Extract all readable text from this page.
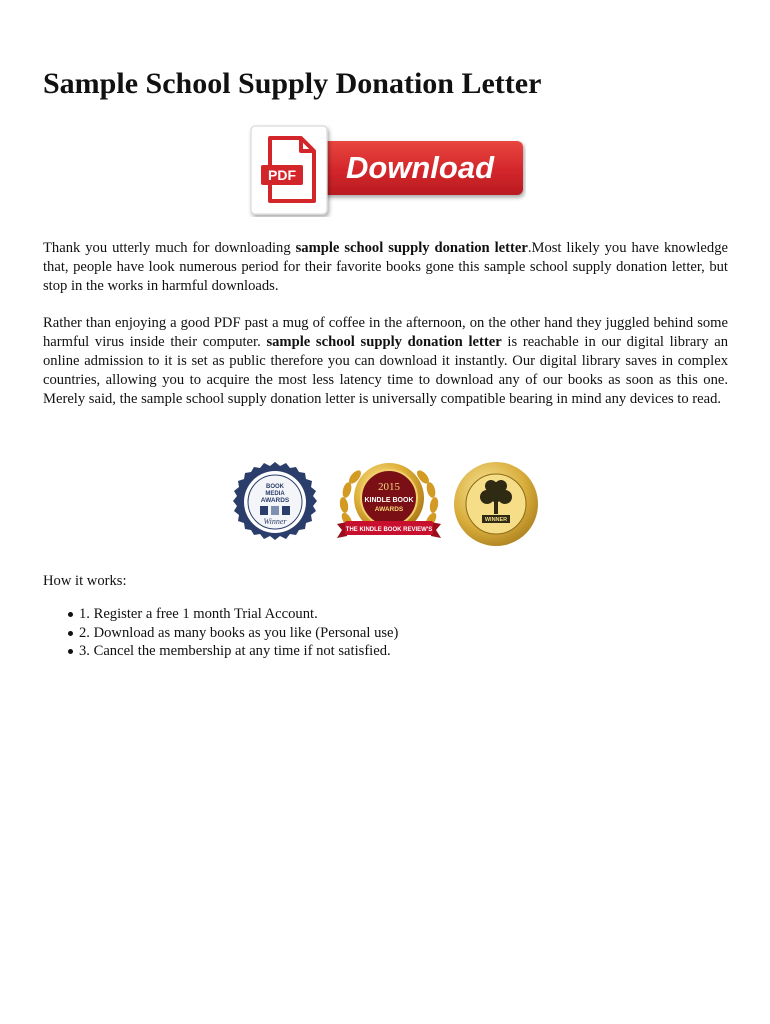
Sample School Supply Donation Letter
Download
PDF

Thank you utterly much for downloading sample school supply donation letter.Most likely you have knowledge that, people have look numerous period for their favorite books gone this sample school supply donation letter, but stop in the works in harmful downloads.

Rather than enjoying a good PDF past a mug of coffee in the afternoon, on the other hand they juggled behind some harmful virus inside their computer. sample school supply donation letter is reachable in our digital library an online admission to it is set as public therefore you can download it instantly. Our digital library saves in complex countries, allowing you to acquire the most less latency time to download any of our books as soon as this one. Merely said, the sample school supply donation letter is universally compatible bearing in mind any devices to read.

BOOK
MEDIA
AWARDS
Winner
2015
KINDLE BOOK
AWARDS
THE KINDLE BOOK REVIEW'S
WINNER
How it works:
1. Register a free 1 month Trial Account.
2. Download as many books as you like (Personal use)
3. Cancel the membership at any time if not satisfied.
